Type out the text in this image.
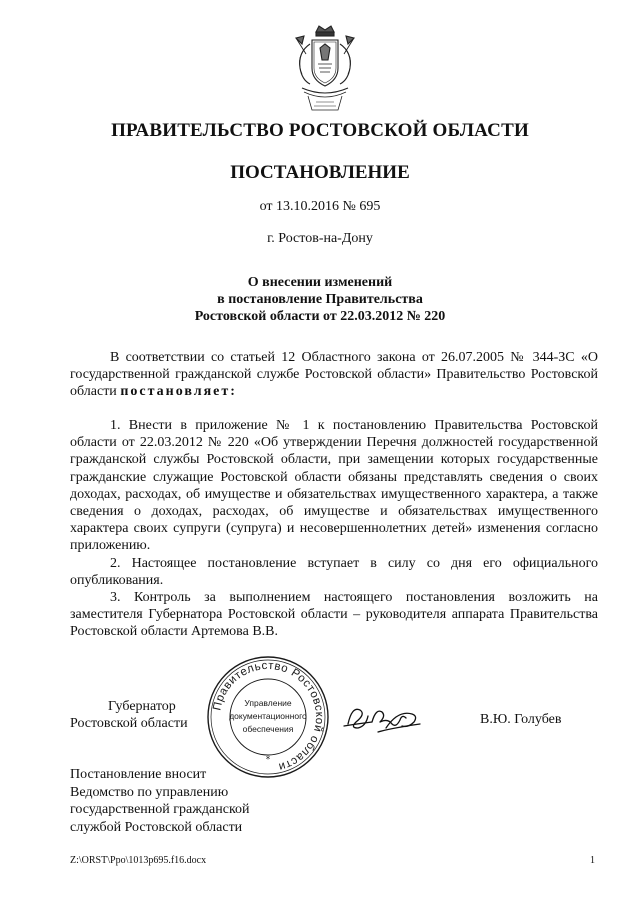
ПРАВИТЕЛЬСТВО РОСТОВСКОЙ ОБЛАСТИ
ПОСТАНОВЛЕНИЕ
от 13.10.2016 № 695
г. Ростов-на-Дону
О внесении изменений
в постановление Правительства
Ростовской области от 22.03.2012 № 220

В соответствии со статьей 12 Областного закона от 26.07.2005 № 344-ЗС «О государственной гражданской службе Ростовской области» Правительство Ростовской области постановляет:

1. Внести в приложение № 1 к постановлению Правительства Ростовской области от 22.03.2012 № 220 «Об утверждении Перечня должностей государственной гражданской службы Ростовской области, при замещении которых государственные гражданские служащие Ростовской области обязаны представлять сведения о своих доходах, расходах, об имуществе и обязательствах имущественного характера, а также сведения о доходах, расходах, об имуществе и обязательствах имущественного характера своих супруги (супруга) и несовершеннолетних детей» изменения согласно приложению.

2. Настоящее постановление вступает в силу со дня его официального опубликования.

3. Контроль за выполнением настоящего постановления возложить на заместителя Губернатора Ростовской области – руководителя аппарата Правительства Ростовской области Артемова В.В.

Губернатор
Ростовской области
Правительство Ростовской области
Управление
документационного
обеспечения
*
В.Ю. Голубев
Постановление вносит
Ведомство по управлению
государственной гражданской
службой Ростовской области
Z:\ORST\Ppo\1013p695.f16.docx	1
